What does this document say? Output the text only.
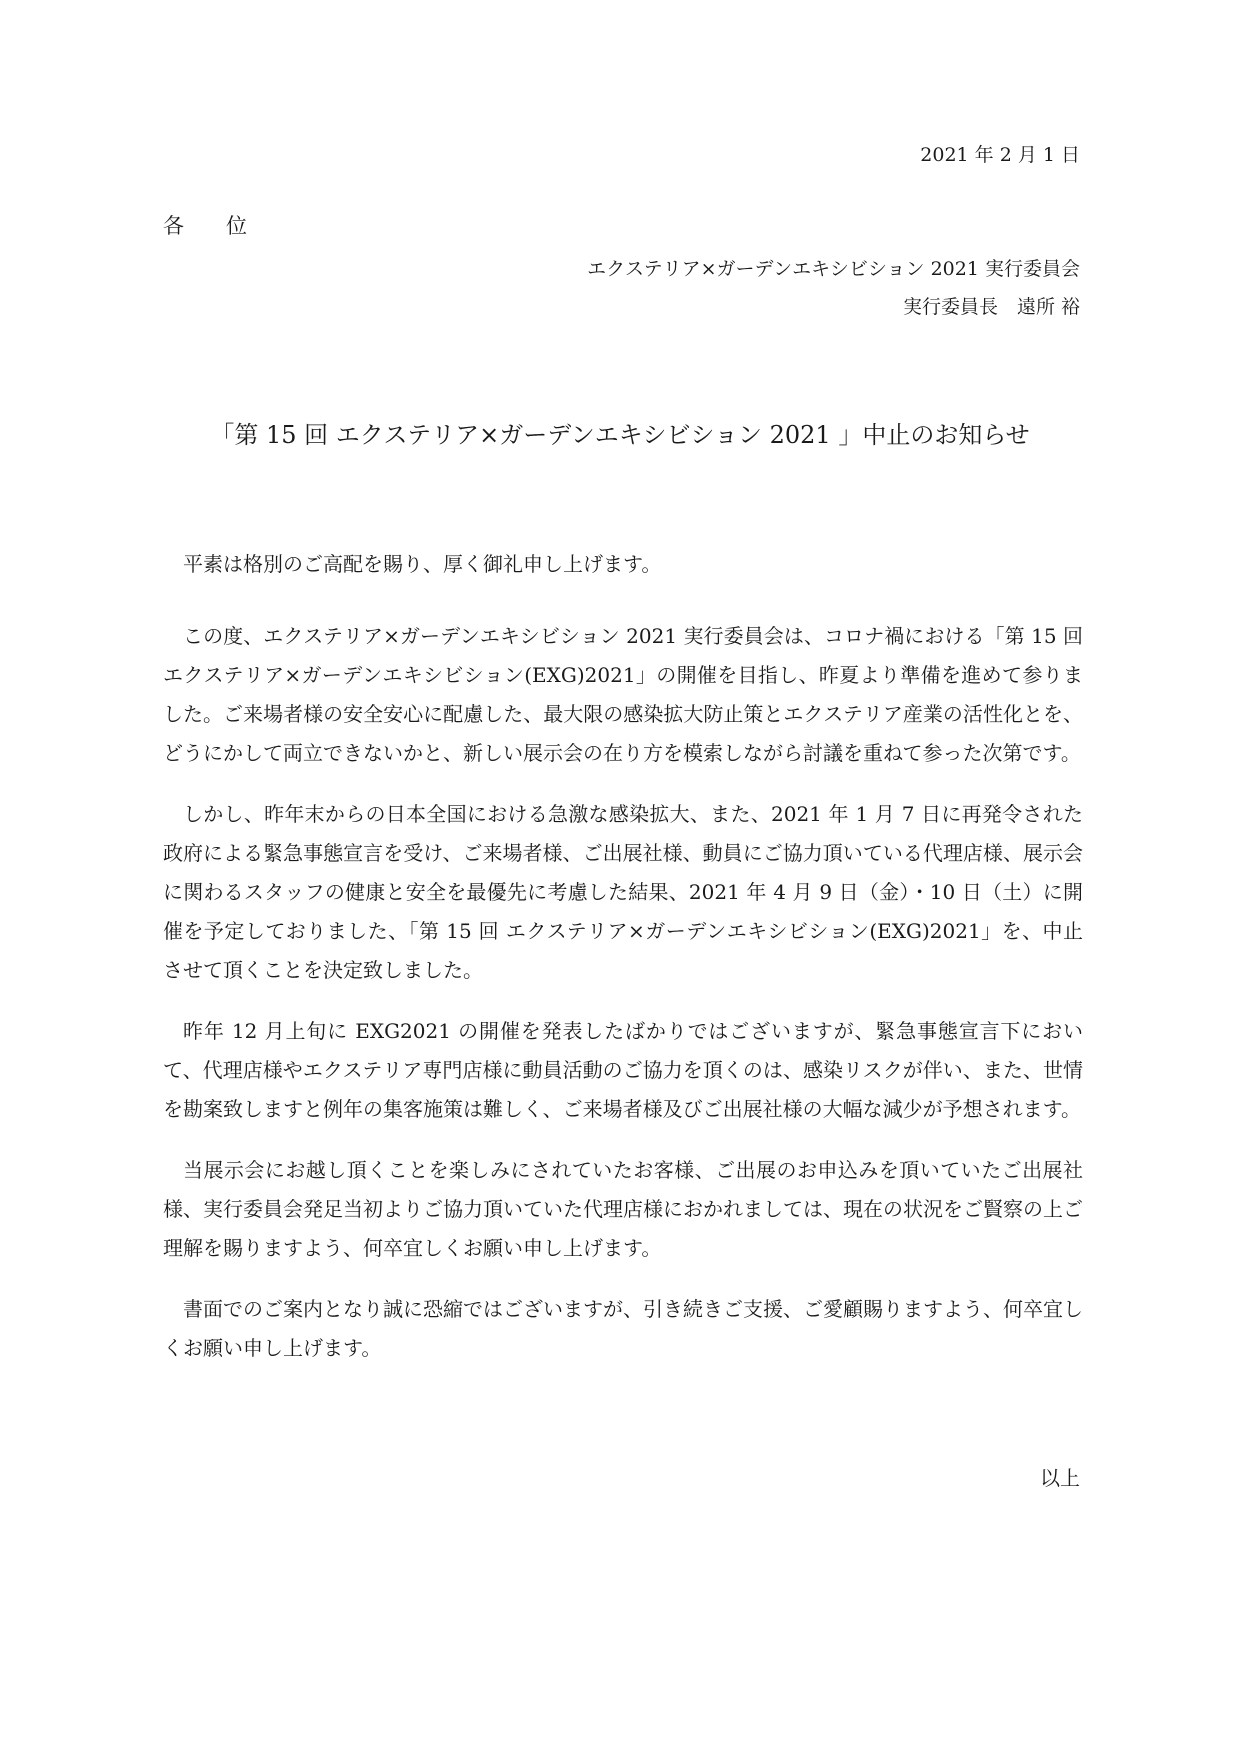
2021 年 2 月 1 日
各　　位
エクステリア×ガーデンエキシビション 2021 実行委員会
実行委員長　遠所 裕
「第 15 回 エクステリア×ガーデンエキシビション 2021 」中止のお知らせ

平素は格別のご高配を賜り、厚く御礼申し上げます。

この度、エクステリア×ガーデンエキシビション 2021 実行委員会は、コロナ禍における「第 15 回 エクステリア×ガーデンエキシビション(EXG)2021」の開催を目指し、昨夏より準備を進めて参りました。ご来場者様の安全安心に配慮した、最大限の感染拡大防止策とエクステリア産業の活性化とを、どうにかして両立できないかと、新しい展示会の在り方を模索しながら討議を重ねて参った次第です。

しかし、昨年末からの日本全国における急激な感染拡大、また、2021 年 1 月 7 日に再発令された政府による緊急事態宣言を受け、ご来場者様、ご出展社様、動員にご協力頂いている代理店様、展示会に関わるスタッフの健康と安全を最優先に考慮した結果、2021 年 4 月 9 日（金）・10 日（土）に開催を予定しておりました、「第 15 回 エクステリア×ガーデンエキシビション(EXG)2021」を、中止させて頂くことを決定致しました。

昨年 12 月上旬に EXG2021 の開催を発表したばかりではございますが、緊急事態宣言下において、代理店様やエクステリア専門店様に動員活動のご協力を頂くのは、感染リスクが伴い、また、世情を勘案致しますと例年の集客施策は難しく、ご来場者様及びご出展社様の大幅な減少が予想されます。

当展示会にお越し頂くことを楽しみにされていたお客様、ご出展のお申込みを頂いていたご出展社様、実行委員会発足当初よりご協力頂いていた代理店様におかれましては、現在の状況をご賢察の上ご理解を賜りますよう、何卒宜しくお願い申し上げます。

書面でのご案内となり誠に恐縮ではございますが、引き続きご支援、ご愛顧賜りますよう、何卒宜しくお願い申し上げます。

以上
